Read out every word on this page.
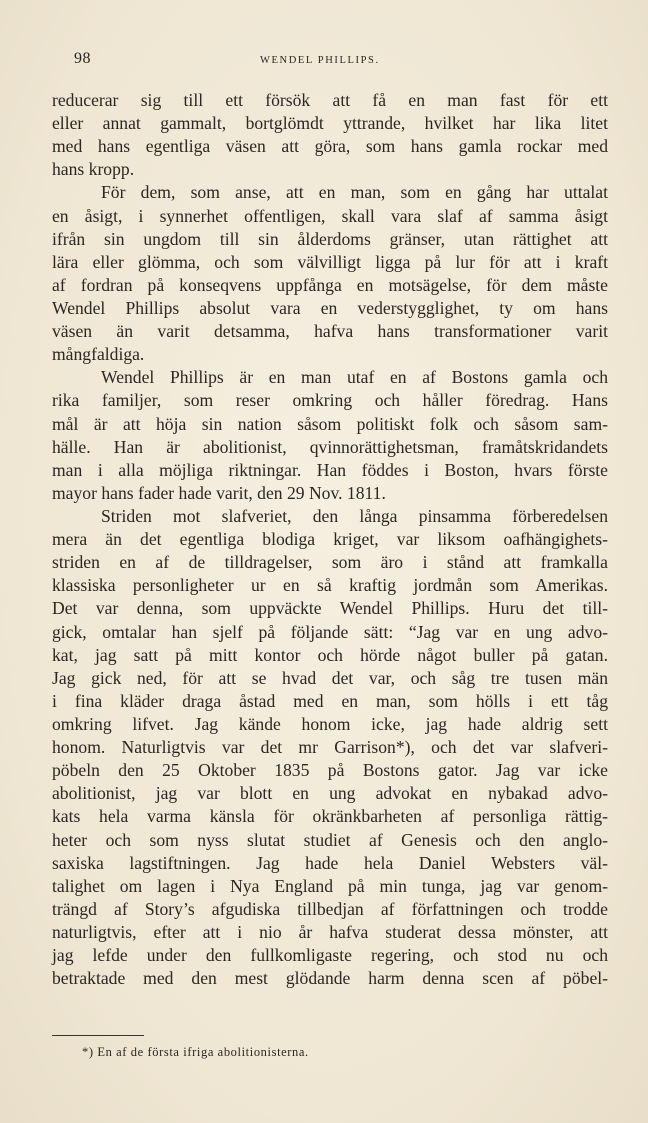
98	WENDEL PHILLIPS.

reducerar sig till ett försök att få en man fast för ett
eller annat gammalt, bortglömdt yttrande, hvilket har lika litet
med hans egentliga väsen att göra, som hans gamla rockar med
hans kropp.

För dem, som anse, att en man, som en gång har uttalat
en åsigt, i synnerhet offentligen, skall vara slaf af samma åsigt
ifrån sin ungdom till sin ålderdoms gränser, utan rättighet att
lära eller glömma, och som välvilligt ligga på lur för att i kraft
af fordran på konseqvens uppfånga en motsägelse, för dem måste
Wendel Phillips absolut vara en vederstygglighet, ty om hans
väsen än varit detsamma, hafva hans transformationer varit
mångfaldiga.

Wendel Phillips är en man utaf en af Bostons gamla och
rika familjer, som reser omkring och håller föredrag. Hans
mål är att höja sin nation såsom politiskt folk och såsom sam-
hälle. Han är abolitionist, qvinnorättighetsman, framåtskridandets
man i alla möjliga riktningar. Han föddes i Boston, hvars förste
mayor hans fader hade varit, den 29 Nov. 1811.

Striden mot slafveriet, den långa pinsamma förberedelsen
mera än det egentliga blodiga kriget, var liksom oafhängighets-
striden en af de tilldragelser, som äro i stånd att framkalla
klassiska personligheter ur en så kraftig jordmån som Amerikas.
Det var denna, som uppväckte Wendel Phillips. Huru det till-
gick, omtalar han sjelf på följande sätt: “Jag var en ung advo-
kat, jag satt på mitt kontor och hörde något buller på gatan.
Jag gick ned, för att se hvad det var, och såg tre tusen män
i fina kläder draga åstad med en man, som hölls i ett tåg
omkring lifvet. Jag kände honom icke, jag hade aldrig sett
honom. Naturligtvis var det mr Garrison*), och det var slafveri-
pöbeln den 25 Oktober 1835 på Bostons gator. Jag var icke
abolitionist, jag var blott en ung advokat en nybakad advo-
kats hela varma känsla för okränkbarheten af personliga rättig-
heter och som nyss slutat studiet af Genesis och den anglo-
saxiska lagstiftningen. Jag hade hela Daniel Websters väl-
talighet om lagen i Nya England på min tunga, jag var genom-
trängd af Story’s afgudiska tillbedjan af författningen och trodde
naturligtvis, efter att i nio år hafva studerat dessa mönster, att
jag lefde under den fullkomligaste regering, och stod nu och
betraktade med den mest glödande harm denna scen af pöbel-

*) En af de första ifriga abolitionisterna.
